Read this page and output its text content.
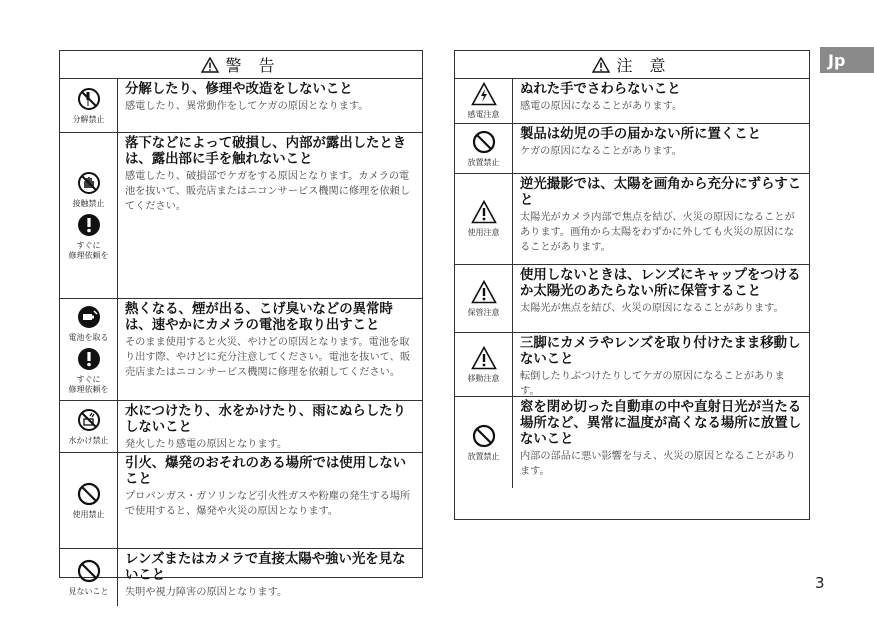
警 告
分解禁止
分解したり、修理や改造をしないこと
感電したり、異常動作をしてケガの原因となります。
接触禁止
すぐに
修理依頼を
落下などによって破損し、内部が露出したときは、露出部に手を触れないこと
感電したり、破損部でケガをする原因となります。カメラの電池を抜いて、販売店またはニコンサービス機関に修理を依頼してください。
電池を取る
すぐに
修理依頼を
熱くなる、煙が出る、こげ臭いなどの異常時は、速やかにカメラの電池を取り出すこと
そのまま使用すると火災、やけどの原因となります。電池を取り出す際、やけどに充分注意してください。電池を抜いて、販売店またはニコンサービス機関に修理を依頼してください。
水かけ禁止
水につけたり、水をかけたり、雨にぬらしたりしないこと
発火したり感電の原因となります。
使用禁止
引火、爆発のおそれのある場所では使用しないこと
プロパンガス・ガソリンなど引火性ガスや粉塵の発生する場所で使用すると、爆発や火災の原因となります。
見ないこと
レンズまたはカメラで直接太陽や強い光を見ないこと
失明や視力障害の原因となります。
注 意
感電注意
ぬれた手でさわらないこと
感電の原因になることがあります。
放置禁止
製品は幼児の手の届かない所に置くこと
ケガの原因になることがあります。
使用注意
逆光撮影では、太陽を画角から充分にずらすこと
太陽光がカメラ内部で焦点を結び、火災の原因になることがあります。画角から太陽をわずかに外しても火災の原因になることがあります。
保管注意
使用しないときは、レンズにキャップをつけるか太陽光のあたらない所に保管すること
太陽光が焦点を結び、火災の原因になることがあります。
移動注意
三脚にカメラやレンズを取り付けたまま移動しないこと
転倒したりぶつけたりしてケガの原因になることがあります。
放置禁止
窓を閉め切った自動車の中や直射日光が当たる場所など、異常に温度が高くなる場所に放置しないこと
内部の部品に悪い影響を与え、火災の原因となることがあります。
Jp
3
